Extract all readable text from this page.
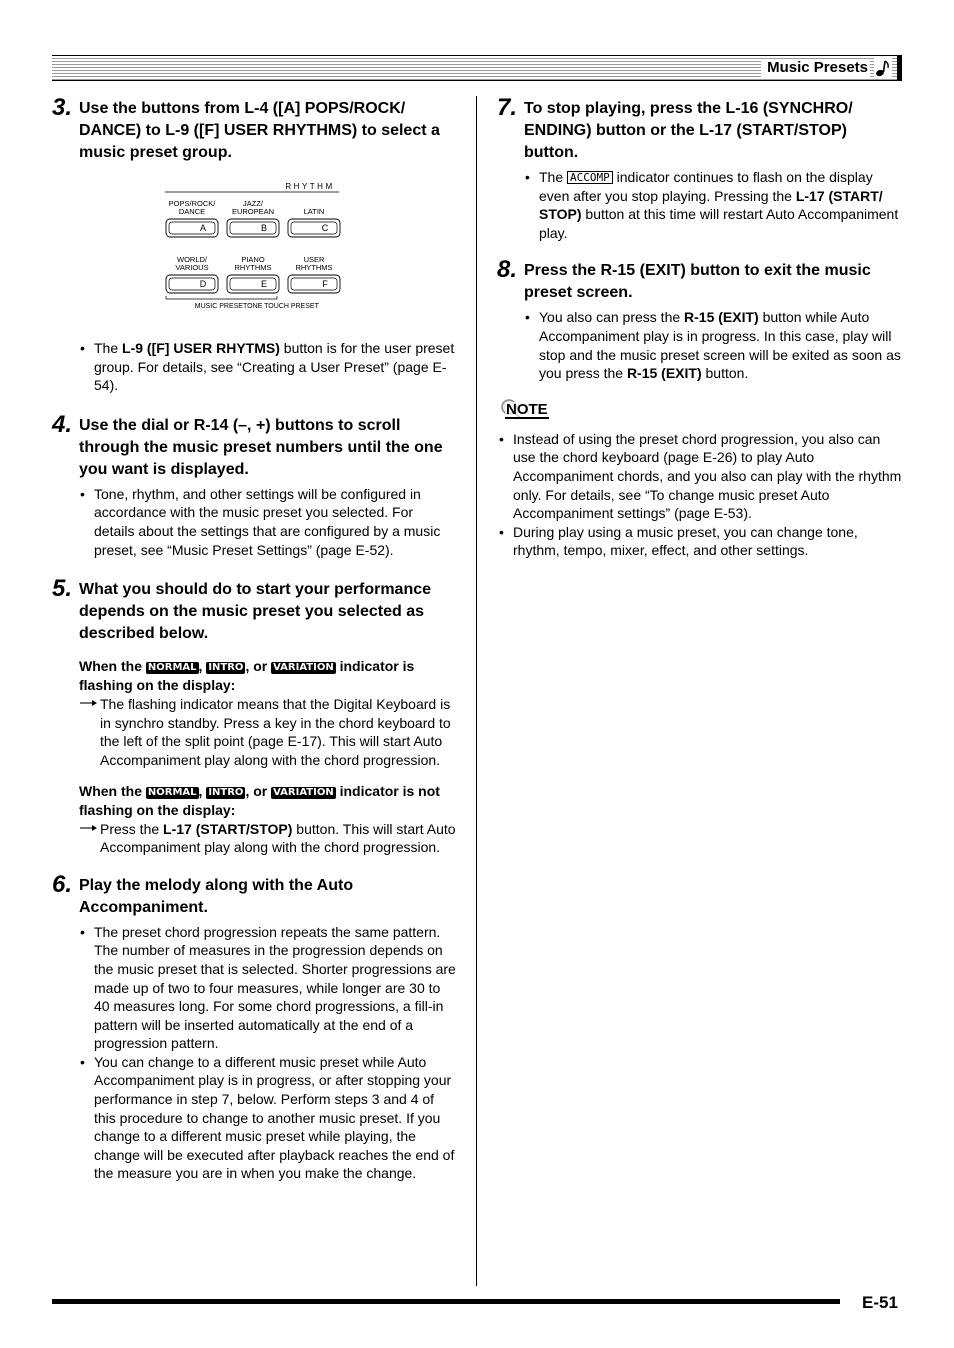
Music Presets
3. Use the buttons from L-4 ([A] POPS/ROCK/ DANCE) to L-9 ([F] USER RHYTHMS) to select a music preset group.

RHYTHM
POPS/ROCK/
DANCE
JAZZ/
EUROPEAN	LATIN
A	B	C
WORLD/
VARIOUS
PIANO
RHYTHMS
USER
RHYTHMS
D	E	F
MUSIC PRESET ONE TOUCH PRESET
• The L-9 ([F] USER RHYTMS) button is for the user preset group. For details, see “Creating a User Preset” (page E-54).
4. Use the dial or R-14 (–, +) buttons to scroll through the music preset numbers until the one you want is displayed.

• Tone, rhythm, and other settings will be configured in accordance with the music preset you selected. For details about the settings that are configured by a music preset, see “Music Preset Settings” (page E-52).
5. What you should do to start your performance depends on the music preset you selected as described below.

When the NORMAL , INTRO , or VARIATION indicator is flashing on the display:

The flashing indicator means that the Digital Keyboard is in synchro standby. Press a key in the chord keyboard to the left of the split point (page E-17). This will start Auto Accompaniment play along with the chord progression.

When the NORMAL , INTRO , or VARIATION indicator is not flashing on the display:

Press the L-17 (START/STOP) button. This will start Auto Accompaniment play along with the chord progression.
6. Play the melody along with the Auto Accompaniment.

• The preset chord progression repeats the same pattern. The number of measures in the progression depends on the music preset that is selected. Shorter progressions are made up of two to four measures, while longer are 30 to 40 measures long. For some chord progressions, a fill-in pattern will be inserted automatically at the end of a progression pattern.
• You can change to a different music preset while Auto Accompaniment play is in progress, or after stopping your performance in step 7, below. Perform steps 3 and 4 of this procedure to change to another music preset. If you change to a different music preset while playing, the change will be executed after playback reaches the end of the measure you are in when you make the change.
7. To stop playing, press the L-16 (SYNCHRO/ ENDING) button or the L-17 (START/STOP) button.

• The ACCOMP indicator continues to flash on the display even after you stop playing. Pressing the L-17 (START/ STOP) button at this time will restart Auto Accompaniment play.
8. Press the R-15 (EXIT) button to exit the music preset screen.

• You also can press the R-15 (EXIT) button while Auto Accompaniment play is in progress. In this case, play will stop and the music preset screen will be exited as soon as you press the R-15 (EXIT) button.
NOTE
• Instead of using the preset chord progression, you also can use the chord keyboard (page E-26) to play Auto Accompaniment chords, and you also can play with the rhythm only. For details, see “To change music preset Auto Accompaniment settings” (page E-53).
• During play using a music preset, you can change tone, rhythm, tempo, mixer, effect, and other settings.
E-51
